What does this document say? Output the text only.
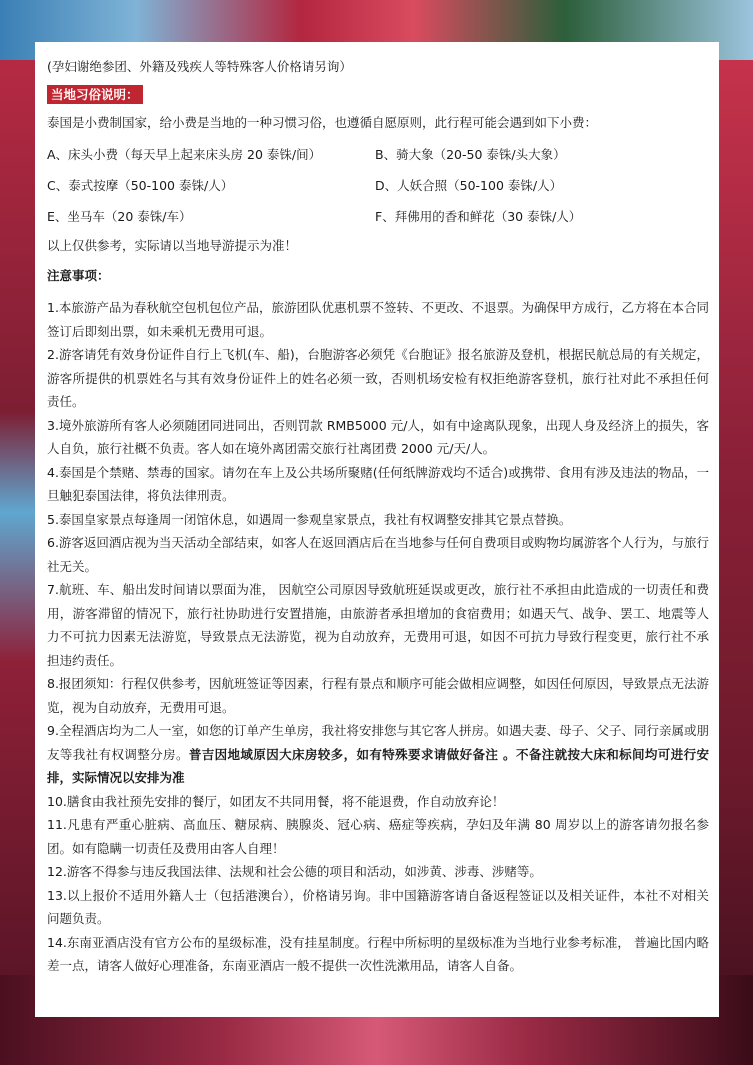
(孕妇谢绝参团、外籍及残疾人等特殊客人价格请另询）
当地习俗说明：
泰国是小费制国家，给小费是当地的一种习惯习俗，也遵循自愿原则，此行程可能会遇到如下小费：
A、床头小费（每天早上起来床头房 20 泰铢/间）	B、骑大象（20-50 泰铢/头大象）
C、泰式按摩（50-100 泰铢/人）	D、人妖合照（50-100 泰铢/人）
E、坐马车（20 泰铢/车）	F、拜佛用的香和鲜花（30 泰铢/人）
以上仅供参考，实际请以当地导游提示为准！
注意事项：
1.本旅游产品为春秋航空包机包位产品，旅游团队优惠机票不签转、不更改、不退票。为确保甲方成行，乙方将在本合同签订后即刻出票，如未乘机无费用可退。
2.游客请凭有效身份证件自行上飞机(车、船)，台胞游客必须凭《台胞证》报名旅游及登机，根据民航总局的有关规定，游客所提供的机票姓名与其有效身份证件上的姓名必须一致，否则机场安检有权拒绝游客登机，旅行社对此不承担任何责任。
3.境外旅游所有客人必须随团同进同出，否则罚款 RMB5000 元/人，如有中途离队现象，出现人身及经济上的损失，客人自负，旅行社概不负责。客人如在境外离团需交旅行社离团费 2000 元/天/人。
4.泰国是个禁赌、禁毒的国家。请勿在车上及公共场所聚赌(任何纸牌游戏均不适合)或携带、食用有涉及违法的物品，一旦触犯泰国法律，将负法律刑责。
5.泰国皇家景点每逢周一闭馆休息，如遇周一参观皇家景点，我社有权调整安排其它景点替换。
6.游客返回酒店视为当天活动全部结束，如客人在返回酒店后在当地参与任何自费项目或购物均属游客个人行为，与旅行社无关。
7.航班、车、船出发时间请以票面为准， 因航空公司原因导致航班延误或更改，旅行社不承担由此造成的一切责任和费用，游客滞留的情况下，旅行社协助进行安置措施，由旅游者承担增加的食宿费用；如遇天气、战争、罢工、地震等人力不可抗力因素无法游览，导致景点无法游览，视为自动放弃，无费用可退，如因不可抗力导致行程变更，旅行社不承担违约责任。
8.报团须知：行程仅供参考，因航班签证等因素，行程有景点和顺序可能会做相应调整，如因任何原因，导致景点无法游览，视为自动放弃，无费用可退。
9.全程酒店均为二人一室，如您的订单产生单房，我社将安排您与其它客人拼房。如遇夫妻、母子、父子、同行亲属或朋友等我社有权调整分房。普吉因地域原因大床房较多，如有特殊要求请做好备注 。不备注就按大床和标间均可进行安排，实际情况以安排为准
10.膳食由我社预先安排的餐厅，如团友不共同用餐，将不能退费，作自动放弃论！
11.凡患有严重心脏病、高血压、糖尿病、胰腺炎、冠心病、癌症等疾病，孕妇及年满 80 周岁以上的游客请勿报名参团。如有隐瞒一切责任及费用由客人自理！
12.游客不得参与违反我国法律、法规和社会公德的项目和活动，如涉黄、涉毒、涉赌等。
13.以上报价不适用外籍人士（包括港澳台），价格请另询。非中国籍游客请自备返程签证以及相关证件，本社不对相关问题负责。
14.东南亚酒店没有官方公布的星级标准，没有挂星制度。行程中所标明的星级标准为当地行业参考标准， 普遍比国内略差一点，请客人做好心理准备，东南亚酒店一般不提供一次性洗漱用品，请客人自备。
